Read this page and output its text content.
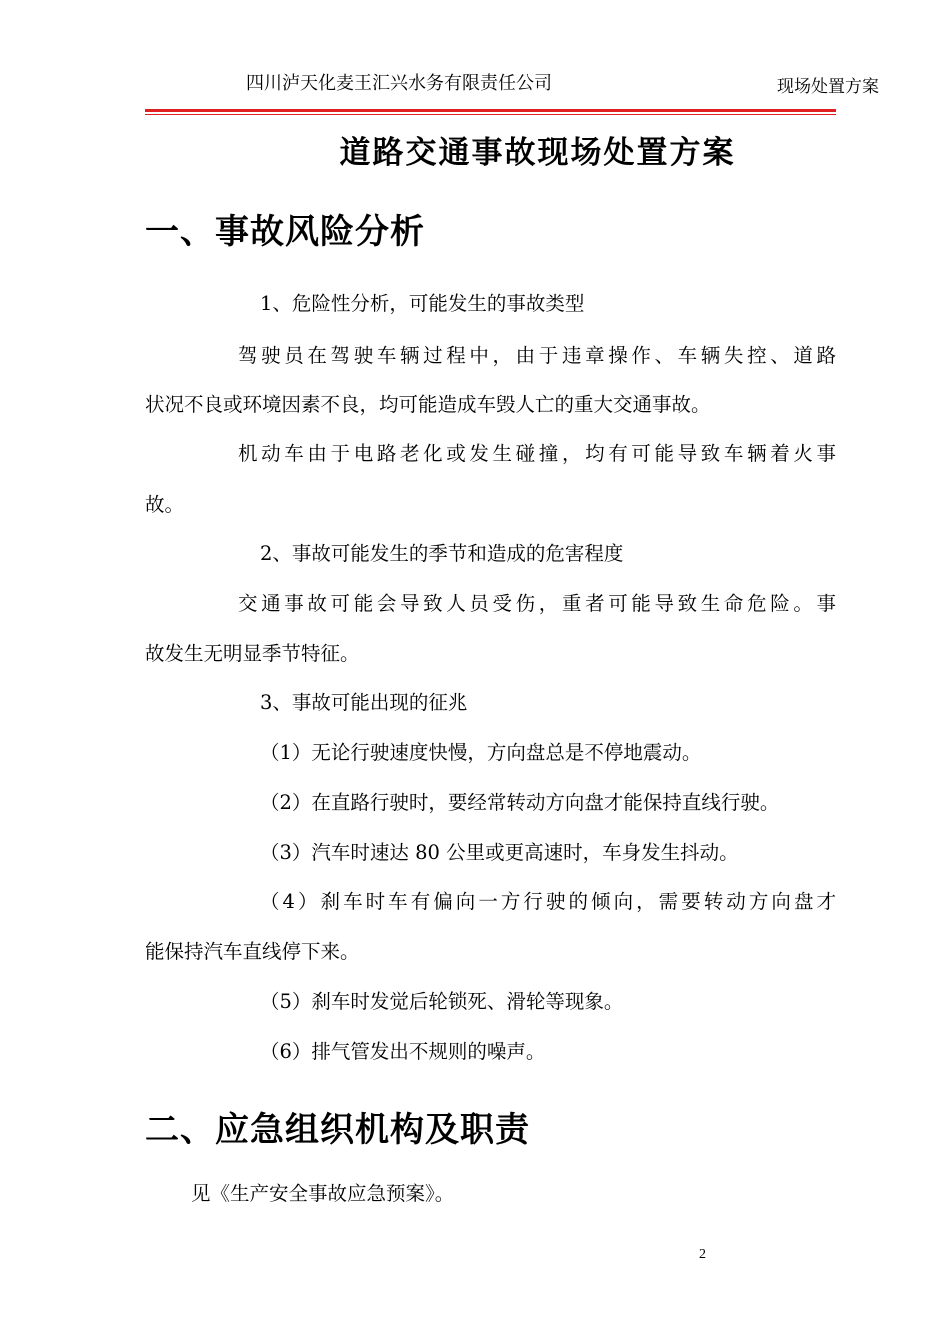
四川泸天化麦王汇兴水务有限责任公司	现场处置方案
道路交通事故现场处置方案
一、事故风险分析
1、危险性分析，可能发生的事故类型
驾驶员在驾驶车辆过程中，由于违章操作、车辆失控、道路
状况不良或环境因素不良，均可能造成车毁人亡的重大交通事故。
机动车由于电路老化或发生碰撞，均有可能导致车辆着火事
故。
2、事故可能发生的季节和造成的危害程度
交通事故可能会导致人员受伤，重者可能导致生命危险。事
故发生无明显季节特征。
3、事故可能出现的征兆
（1）无论行驶速度快慢，方向盘总是不停地震动。
（2）在直路行驶时，要经常转动方向盘才能保持直线行驶。
（3）汽车时速达 80 公里或更高速时，车身发生抖动。
（4）刹车时车有偏向一方行驶的倾向，需要转动方向盘才
能保持汽车直线停下来。
（5）刹车时发觉后轮锁死、滑轮等现象。
（6）排气管发出不规则的噪声。
二、应急组织机构及职责
见《生产安全事故应急预案》。
2
